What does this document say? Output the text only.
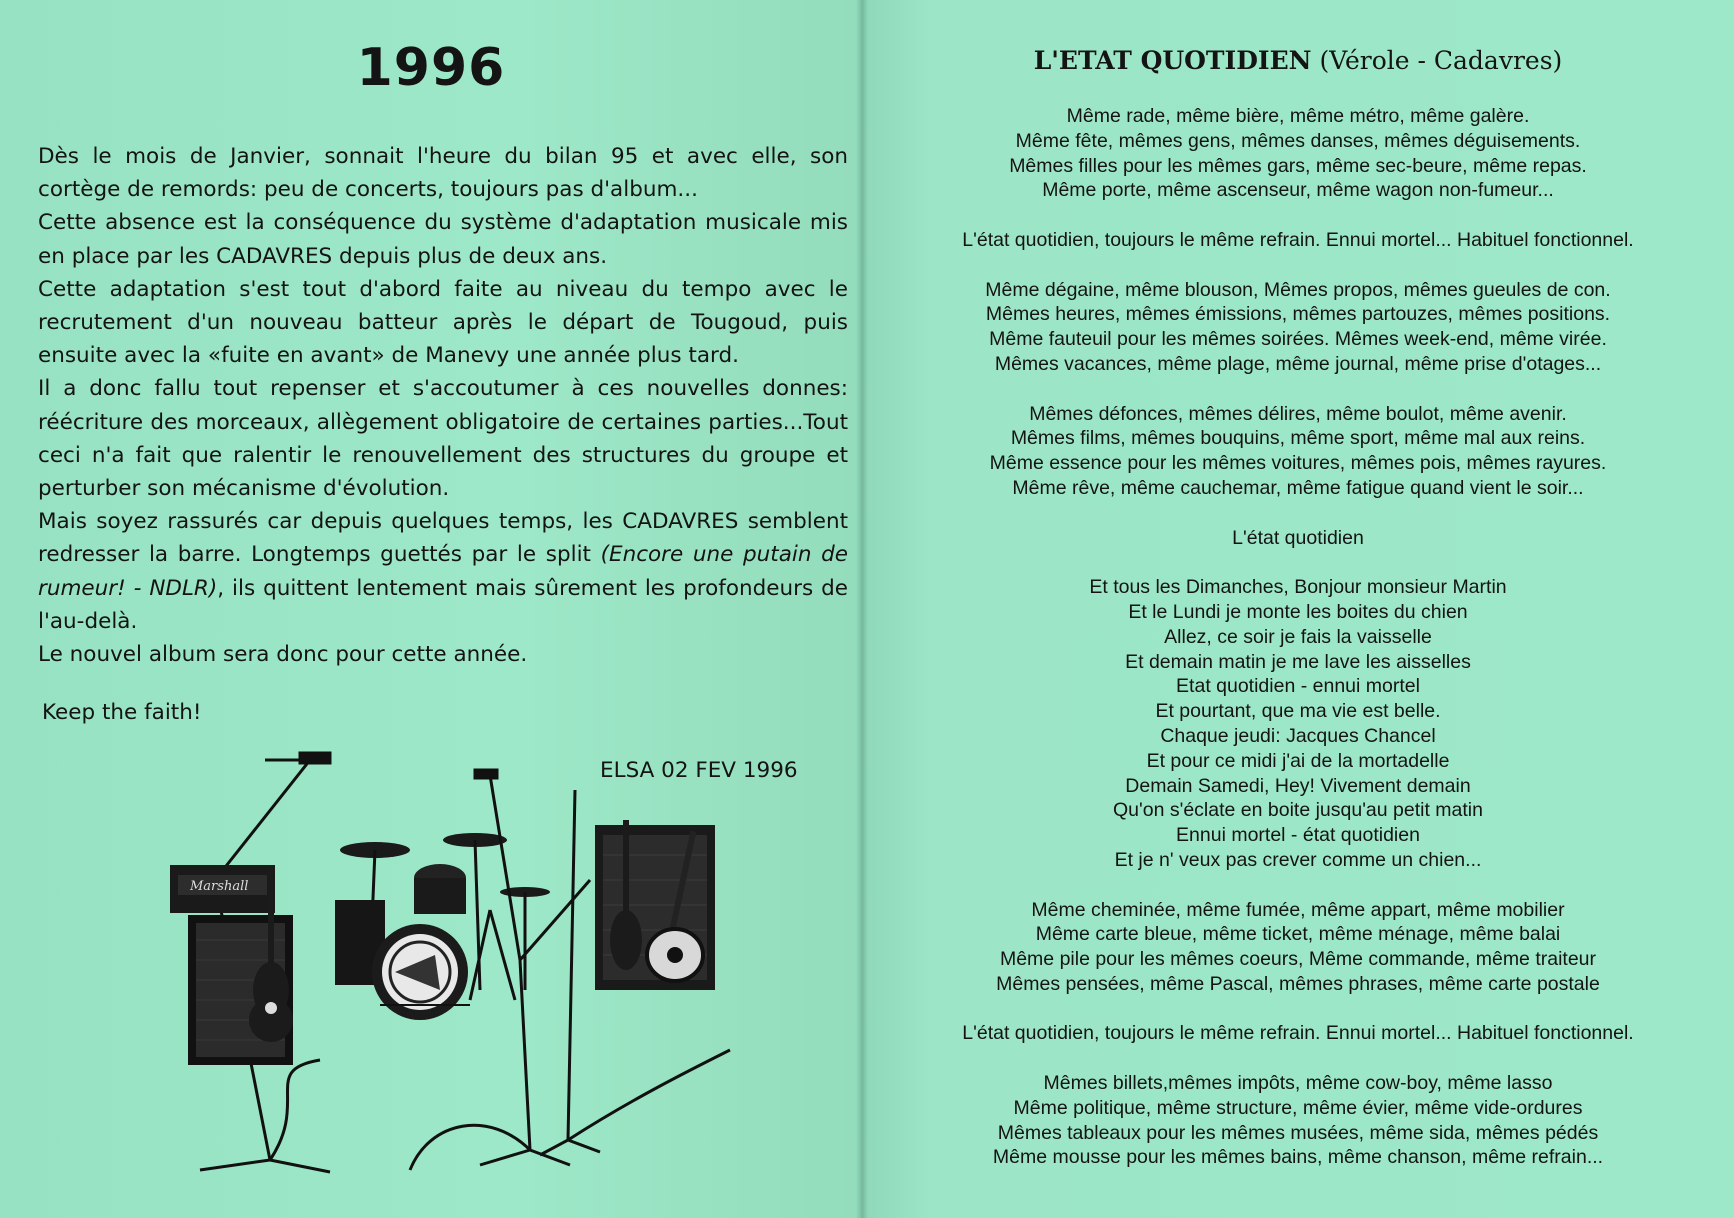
1996

Dès le mois de Janvier, sonnait l'heure du bilan 95 et avec elle, son cortège de remords: peu de concerts, toujours pas d'album...

Cette absence est la conséquence du système d'adaptation musicale mis en place par les CADAVRES depuis plus de deux ans.

Cette adaptation s'est tout d'abord faite au niveau du tempo avec le recrutement d'un nouveau batteur après le départ de Tougoud, puis ensuite avec la «fuite en avant» de Manevy une année plus tard.

Il a donc fallu tout repenser et s'accoutumer à ces nouvelles donnes: réécriture des morceaux, allègement obligatoire de certaines parties...Tout ceci n'a fait que ralentir le renouvellement des structures du groupe et perturber son mécanisme d'évolution.

Mais soyez rassurés car depuis quelques temps, les CADAVRES semblent redresser la barre. Longtemps guettés par le split (Encore une putain de rumeur! - NDLR), ils quittent lentement mais sûrement les profondeurs de l'au-delà.

Le nouvel album sera donc pour cette année.

Keep the faith!
ELSA 02 FEV 1996
Marshall
L'ETAT QUOTIDIEN (Vérole - Cadavres)
Même rade, même bière, même métro, même galère.
Même fête, mêmes gens, mêmes danses, mêmes déguisements.
Mêmes filles pour les mêmes gars, même sec-beure, même repas.
Même porte, même ascenseur, même wagon non-fumeur...
L'état quotidien, toujours le même refrain. Ennui mortel... Habituel fonctionnel.
Même dégaine, même blouson, Mêmes propos, mêmes gueules de con.
Mêmes heures, mêmes émissions, mêmes partouzes, mêmes positions.
Même fauteuil pour les mêmes soirées. Mêmes week-end, même virée.
Mêmes vacances, même plage, même journal, même prise d'otages...
Mêmes défonces, mêmes délires, même boulot, même avenir.
Mêmes films, mêmes bouquins, même sport, même mal aux reins.
Même essence pour les mêmes voitures, mêmes pois, mêmes rayures.
Même rêve, même cauchemar, même fatigue quand vient le soir...
L'état quotidien
Et tous les Dimanches, Bonjour monsieur Martin
Et le Lundi je monte les boites du chien
Allez, ce soir je fais la vaisselle
Et demain matin je me lave les aisselles
Etat quotidien - ennui mortel
Et pourtant, que ma vie est belle.
Chaque jeudi: Jacques Chancel
Et pour ce midi j'ai de la mortadelle
Demain Samedi, Hey! Vivement demain
Qu'on s'éclate en boite jusqu'au petit matin
Ennui mortel - état quotidien
Et je n' veux pas crever comme un chien...
Même cheminée, même fumée, même appart, même mobilier
Même carte bleue, même ticket, même ménage, même balai
Même pile pour les mêmes coeurs, Même commande, même traiteur
Mêmes pensées, même Pascal, mêmes phrases, même carte postale
L'état quotidien, toujours le même refrain. Ennui mortel... Habituel fonctionnel.
Mêmes billets,mêmes impôts, même cow-boy, même lasso
Même politique, même structure, même évier, même vide-ordures
Mêmes tableaux pour les mêmes musées, même sida, mêmes pédés
Même mousse pour les mêmes bains, même chanson, même refrain...
